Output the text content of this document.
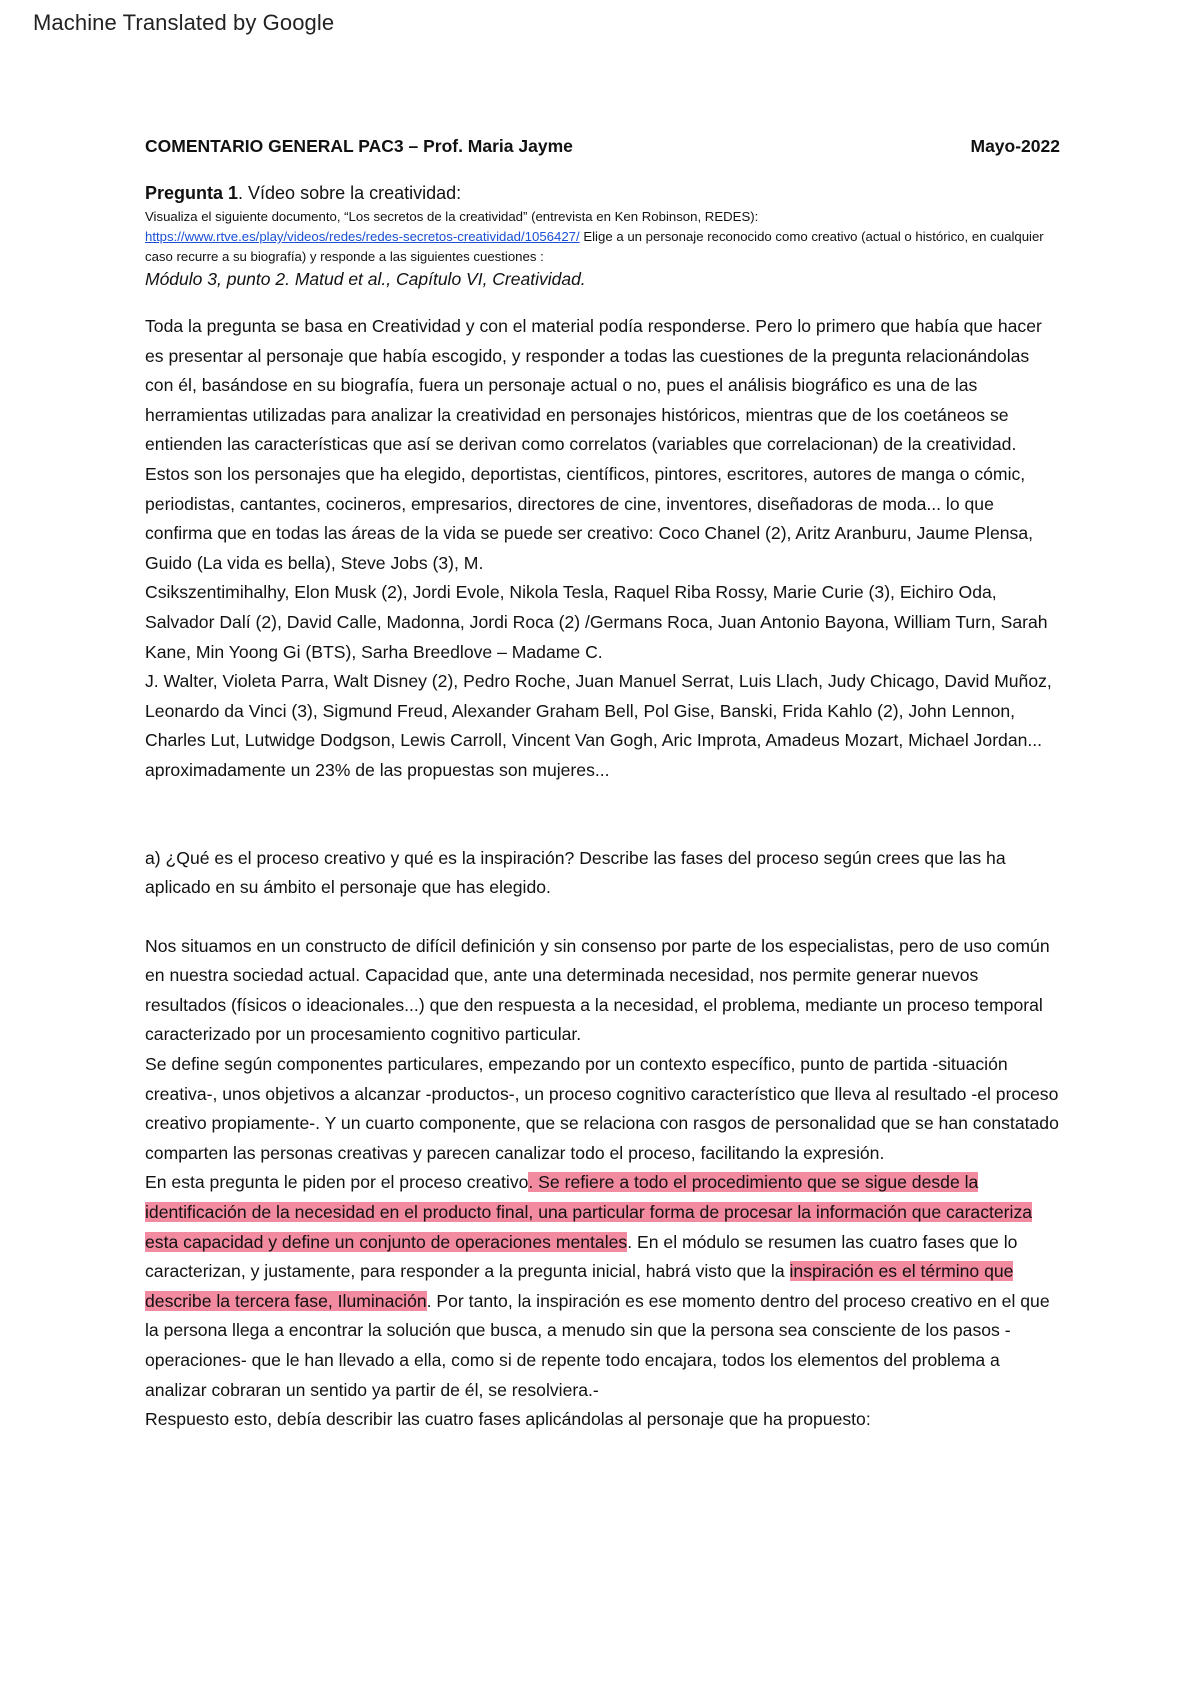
Machine Translated by Google
COMENTARIO GENERAL PAC3 – Prof. Maria Jayme	Mayo-2022
Pregunta 1. Vídeo sobre la creatividad:
Visualiza el siguiente documento, “Los secretos de la creatividad” (entrevista en Ken Robinson, REDES):
https://www.rtve.es/play/videos/redes/redes-secretos-creatividad/1056427/ Elige a un personaje reconocido como creativo (actual o histórico, en cualquier caso recurre a su biografía) y responde a las siguientes cuestiones :
Módulo 3, punto 2. Matud et al., Capítulo VI, Creatividad.

Toda la pregunta se basa en Creatividad y con el material podía responderse. Pero lo primero que había que hacer es presentar al personaje que había escogido, y responder a todas las cuestiones de la pregunta relacionándolas con él, basándose en su biografía, fuera un personaje actual o no, pues el análisis biográfico es una de las herramientas utilizadas para analizar la creatividad en personajes históricos, mientras que de los coetáneos se entienden las características que así se derivan como correlatos (variables que correlacionan) de la creatividad.

Estos son los personajes que ha elegido, deportistas, científicos, pintores, escritores, autores de manga o cómic, periodistas, cantantes, cocineros, empresarios, directores de cine, inventores, diseñadoras de moda... lo que confirma que en todas las áreas de la vida se puede ser creativo: Coco Chanel (2), Aritz Aranburu, Jaume Plensa, Guido (La vida es bella), Steve Jobs (3), M.

Csikszentimihalhy, Elon Musk (2), Jordi Evole, Nikola Tesla, Raquel Riba Rossy, Marie Curie (3), Eichiro Oda, Salvador Dalí (2), David Calle, Madonna, Jordi Roca (2) /Germans Roca, Juan Antonio Bayona, William Turn, Sarah Kane, Min Yoong Gi (BTS), Sarha Breedlove – Madame C.

J. Walter, Violeta Parra, Walt Disney (2), Pedro Roche, Juan Manuel Serrat, Luis Llach, Judy Chicago, David Muñoz, Leonardo da Vinci (3), Sigmund Freud, Alexander Graham Bell, Pol Gise, Banski, Frida Kahlo (2), John Lennon, Charles Lut, Lutwidge Dodgson, Lewis Carroll, Vincent Van Gogh, Aric Improta, Amadeus Mozart, Michael Jordan... aproximadamente un 23% de las propuestas son mujeres...

a) ¿Qué es el proceso creativo y qué es la inspiración? Describe las fases del proceso según crees que las ha aplicado en su ámbito el personaje que has elegido.

Nos situamos en un constructo de difícil definición y sin consenso por parte de los especialistas, pero de uso común en nuestra sociedad actual. Capacidad que, ante una determinada necesidad, nos permite generar nuevos resultados (físicos o ideacionales...) que den respuesta a la necesidad, el problema, mediante un proceso temporal caracterizado por un procesamiento cognitivo particular.

Se define según componentes particulares, empezando por un contexto específico, punto de partida -situación creativa-, unos objetivos a alcanzar -productos-, un proceso cognitivo característico que lleva al resultado -el proceso creativo propiamente-. Y un cuarto componente, que se relaciona con rasgos de personalidad que se han constatado comparten las personas creativas y parecen canalizar todo el proceso, facilitando la expresión.

En esta pregunta le piden por el proceso creativo. Se refiere a todo el procedimiento que se sigue desde la identificación de la necesidad en el producto final, una particular forma de procesar la información que caracteriza esta capacidad y define un conjunto de operaciones mentales. En el módulo se resumen las cuatro fases que lo caracterizan, y justamente, para responder a la pregunta inicial, habrá visto que la inspiración es el término que describe la tercera fase, Iluminación. Por tanto, la inspiración es ese momento dentro del proceso creativo en el que la persona llega a encontrar la solución que busca, a menudo sin que la persona sea consciente de los pasos -operaciones- que le han llevado a ella, como si de repente todo encajara, todos los elementos del problema a analizar cobraran un sentido ya partir de él, se resolviera.-

Respuesto esto, debía describir las cuatro fases aplicándolas al personaje que ha propuesto:
